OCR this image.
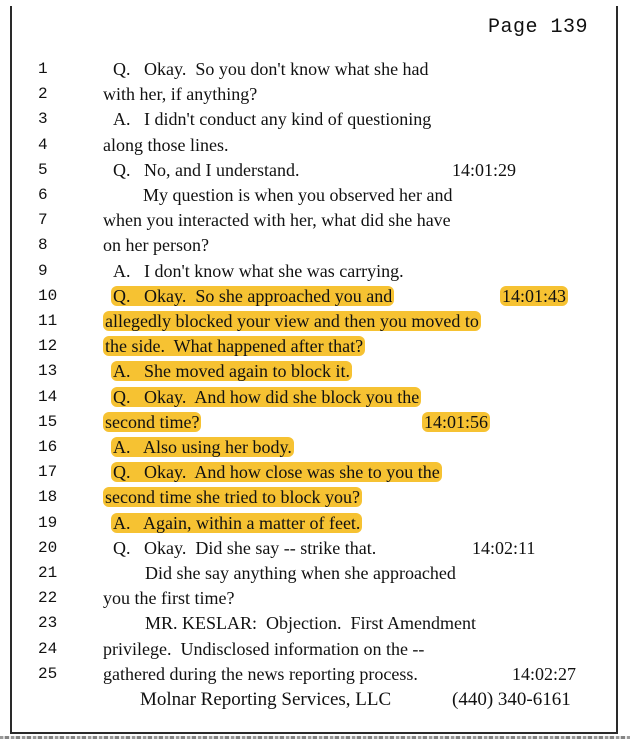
Page 139
1	Q.   Okay.  So you don't know what she had
2	with her, if anything?
3	A.   I didn't conduct any kind of questioning
4	along those lines.
5	Q.   No, and I understand.	14:01:29
6	My question is when you observed her and
7	when you interacted with her, what did she have
8	on her person?
9	A.   I don't know what she was carrying.
10	Q.   Okay.  So she approached you and	14:01:43
11	allegedly blocked your view and then you moved to
12	the side.  What happened after that?
13	A.   She moved again to block it.
14	Q.   Okay.  And how did she block you the
15	second time?	14:01:56
16	A.   Also using her body.
17	Q.   Okay.  And how close was she to you the
18	second time she tried to block you?
19	A.   Again, within a matter of feet.
20	Q.   Okay.  Did she say -- strike that.	14:02:11
21	Did she say anything when she approached
22	you the first time?
23	MR. KESLAR:  Objection.  First Amendment
24	privilege.  Undisclosed information on the --
25	gathered during the news reporting process.	14:02:27
Molnar Reporting Services, LLC	(440) 340-6161
